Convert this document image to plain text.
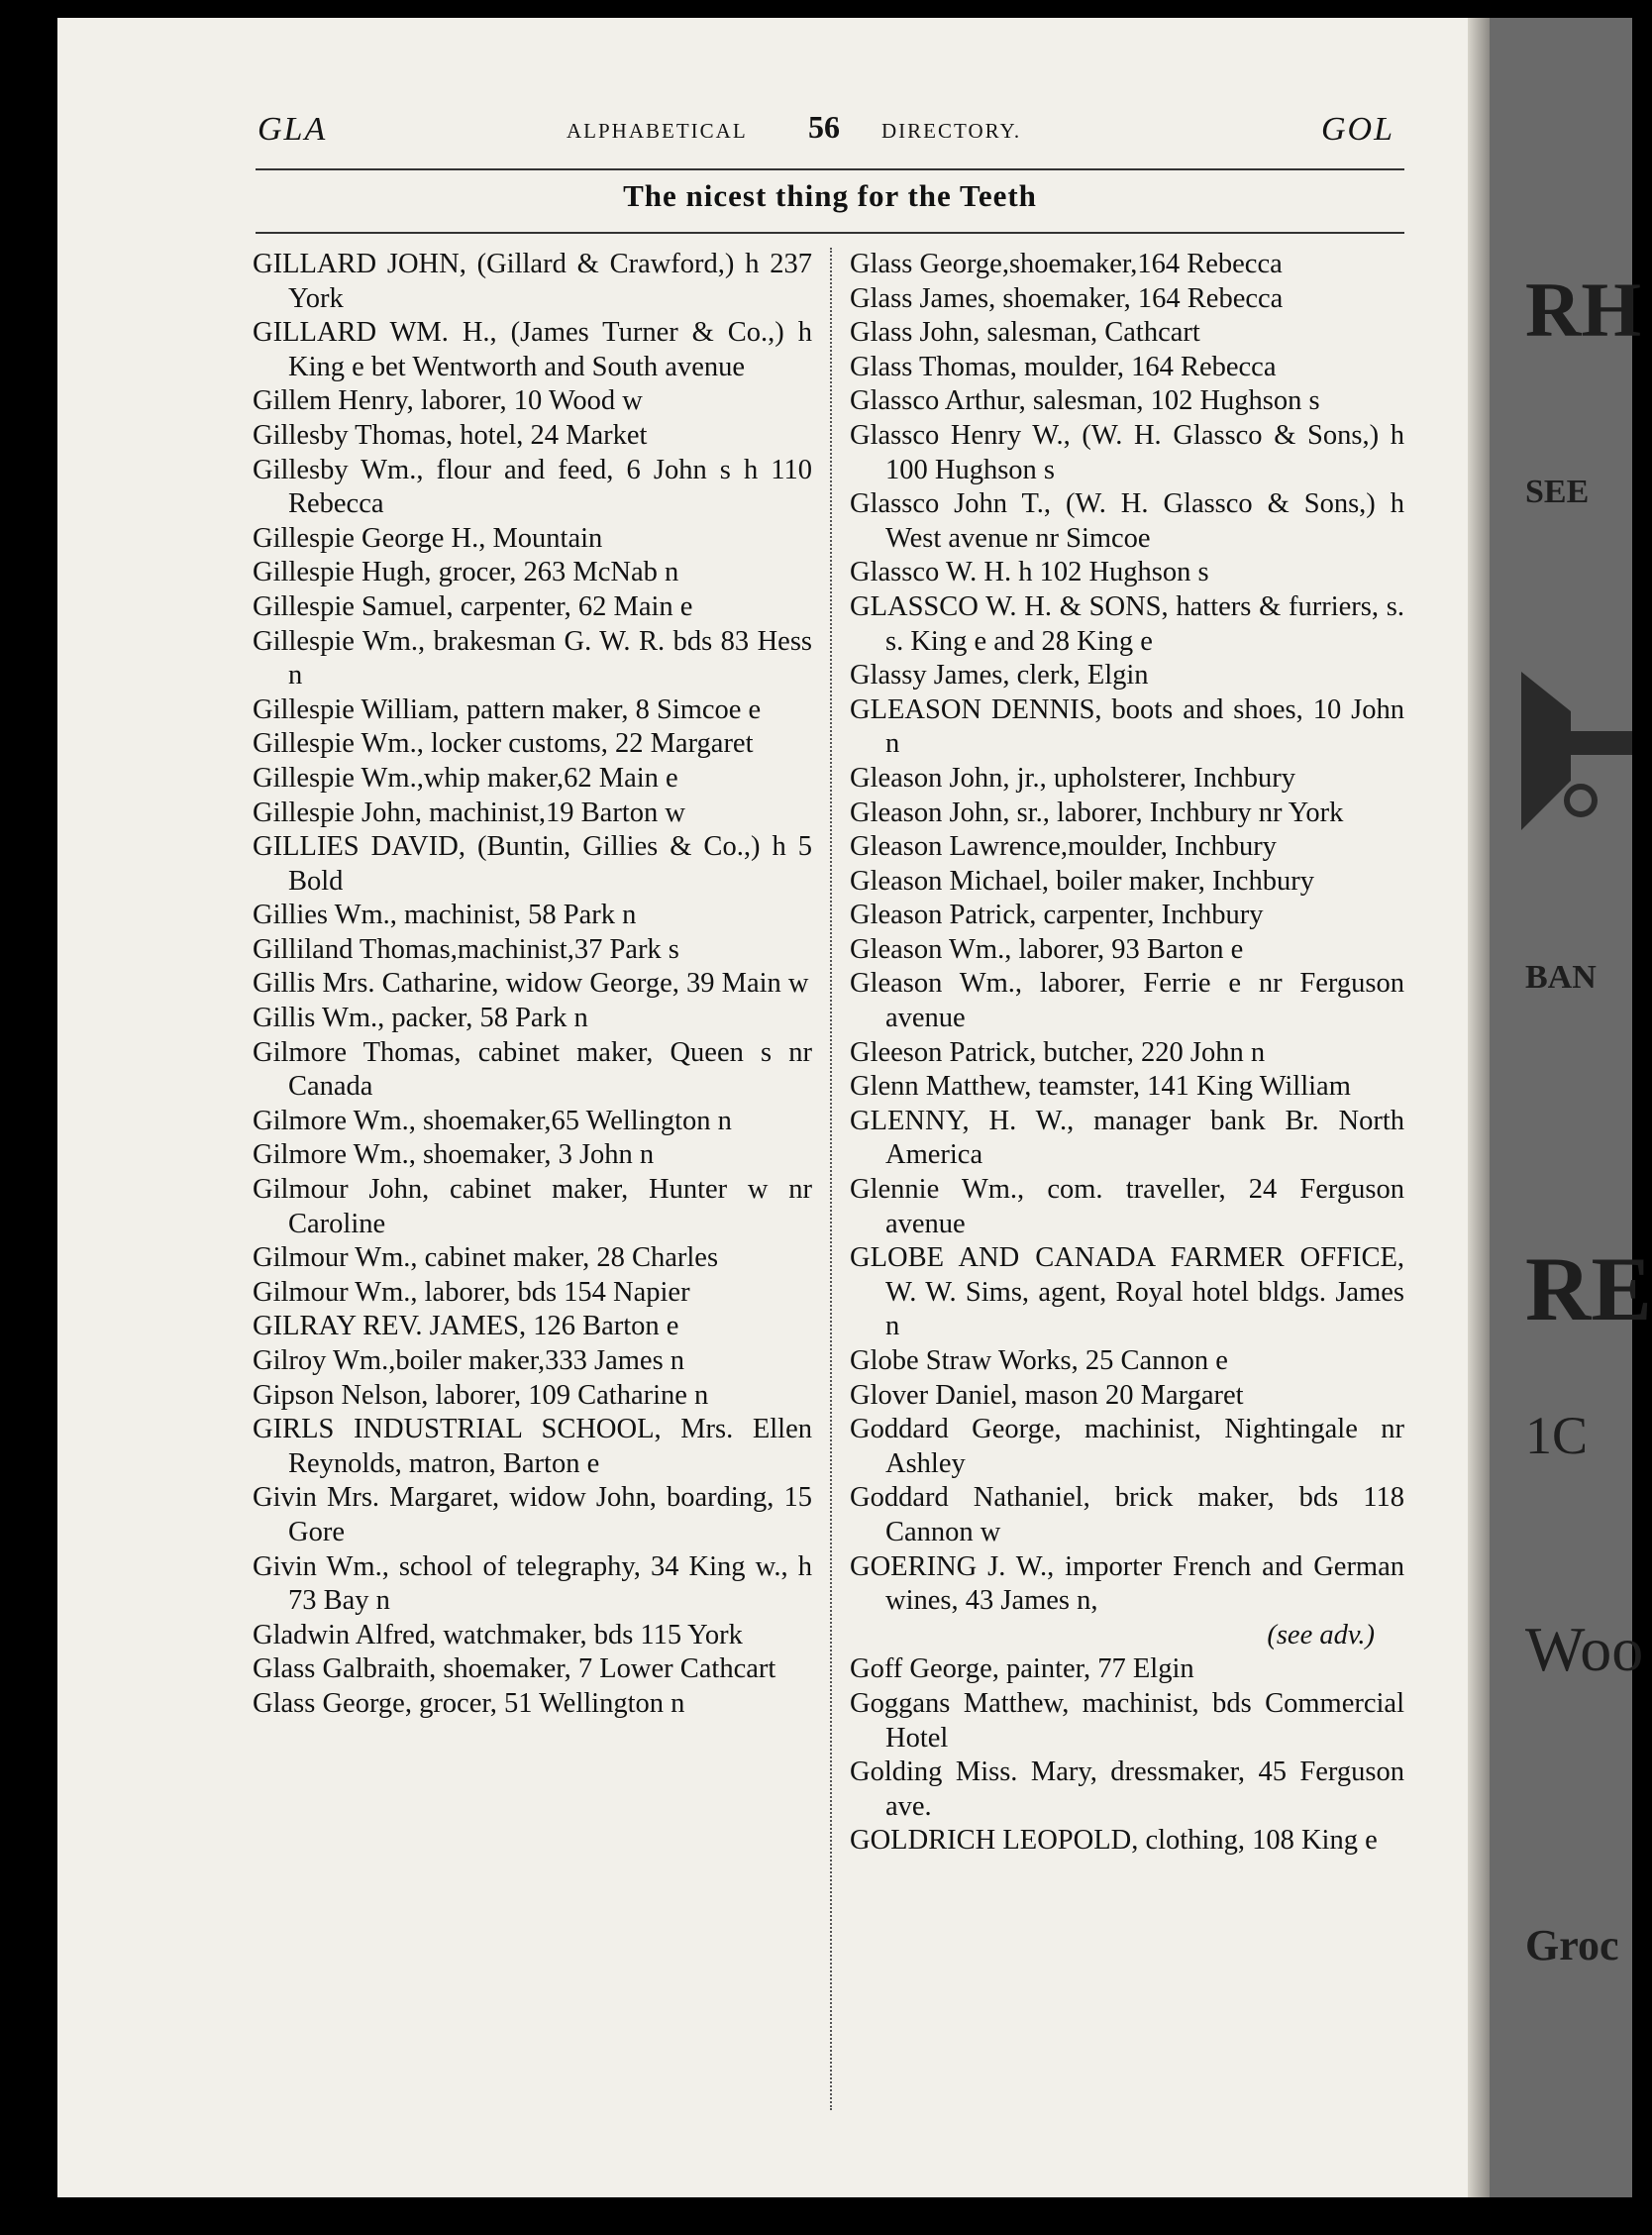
RH
SEE
BAN
RE
1C
Woo
Groc
GLA	ALPHABETICAL 56 DIRECTORY.	GOL
The nicest thing for the Teeth

GILLARD JOHN, (Gillard & Crawford,) h 237 York

GILLARD WM. H., (James Turner & Co.,) h King e bet Wentworth and South avenue

Gillem Henry, laborer, 10 Wood w

Gillesby Thomas, hotel, 24 Market

Gillesby Wm., flour and feed, 6 John s h 110 Rebecca

Gillespie George H., Mountain

Gillespie Hugh, grocer, 263 McNab n

Gillespie Samuel, carpenter, 62 Main e

Gillespie Wm., brakesman G. W. R. bds 83 Hess n

Gillespie William, pattern maker, 8 Simcoe e

Gillespie Wm., locker customs, 22 Margaret

Gillespie Wm.,whip maker,62 Main e

Gillespie John, machinist,19 Barton w

GILLIES DAVID, (Buntin, Gillies & Co.,) h 5 Bold

Gillies Wm., machinist, 58 Park n

Gilliland Thomas,machinist,37 Park s

Gillis Mrs. Catharine, widow George, 39 Main w

Gillis Wm., packer, 58 Park n

Gilmore Thomas, cabinet maker, Queen s nr Canada

Gilmore Wm., shoemaker,65 Wellington n

Gilmore Wm., shoemaker, 3 John n

Gilmour John, cabinet maker, Hunter w nr Caroline

Gilmour Wm., cabinet maker, 28 Charles

Gilmour Wm., laborer, bds 154 Napier

GILRAY REV. JAMES, 126 Barton e

Gilroy Wm.,boiler maker,333 James n

Gipson Nelson, laborer, 109 Catharine n

GIRLS INDUSTRIAL SCHOOL, Mrs. Ellen Reynolds, matron, Barton e

Givin Mrs. Margaret, widow John, boarding, 15 Gore

Givin Wm., school of telegraphy, 34 King w., h 73 Bay n

Gladwin Alfred, watchmaker, bds 115 York

Glass Galbraith, shoemaker, 7 Lower Cathcart

Glass George, grocer, 51 Wellington n

Glass George,shoemaker,164 Rebecca

Glass James, shoemaker, 164 Rebecca

Glass John, salesman, Cathcart

Glass Thomas, moulder, 164 Rebecca

Glassco Arthur, salesman, 102 Hughson s

Glassco Henry W., (W. H. Glassco & Sons,) h 100 Hughson s

Glassco John T., (W. H. Glassco & Sons,) h West avenue nr Simcoe

Glassco W. H. h 102 Hughson s

GLASSCO W. H. & SONS, hatters & furriers, s. s. King e and 28 King e

Glassy James, clerk, Elgin

GLEASON DENNIS, boots and shoes, 10 John n

Gleason John, jr., upholsterer, Inchbury

Gleason John, sr., laborer, Inchbury nr York

Gleason Lawrence,moulder, Inchbury

Gleason Michael, boiler maker, Inchbury

Gleason Patrick, carpenter, Inchbury

Gleason Wm., laborer, 93 Barton e

Gleason Wm., laborer, Ferrie e nr Ferguson avenue

Gleeson Patrick, butcher, 220 John n

Glenn Matthew, teamster, 141 King William

GLENNY, H. W., manager bank Br. North America

Glennie Wm., com. traveller, 24 Ferguson avenue

GLOBE AND CANADA FARMER OFFICE, W. W. Sims, agent, Royal hotel bldgs. James n

Globe Straw Works, 25 Cannon e

Glover Daniel, mason 20 Margaret

Goddard George, machinist, Nightingale nr Ashley

Goddard Nathaniel, brick maker, bds 118 Cannon w

GOERING J. W., importer French and German wines, 43 James n,

(see adv.)

Goff George, painter, 77 Elgin

Goggans Matthew, machinist, bds Commercial Hotel

Golding Miss. Mary, dressmaker, 45 Ferguson ave.

GOLDRICH LEOPOLD, clothing, 108 King e
